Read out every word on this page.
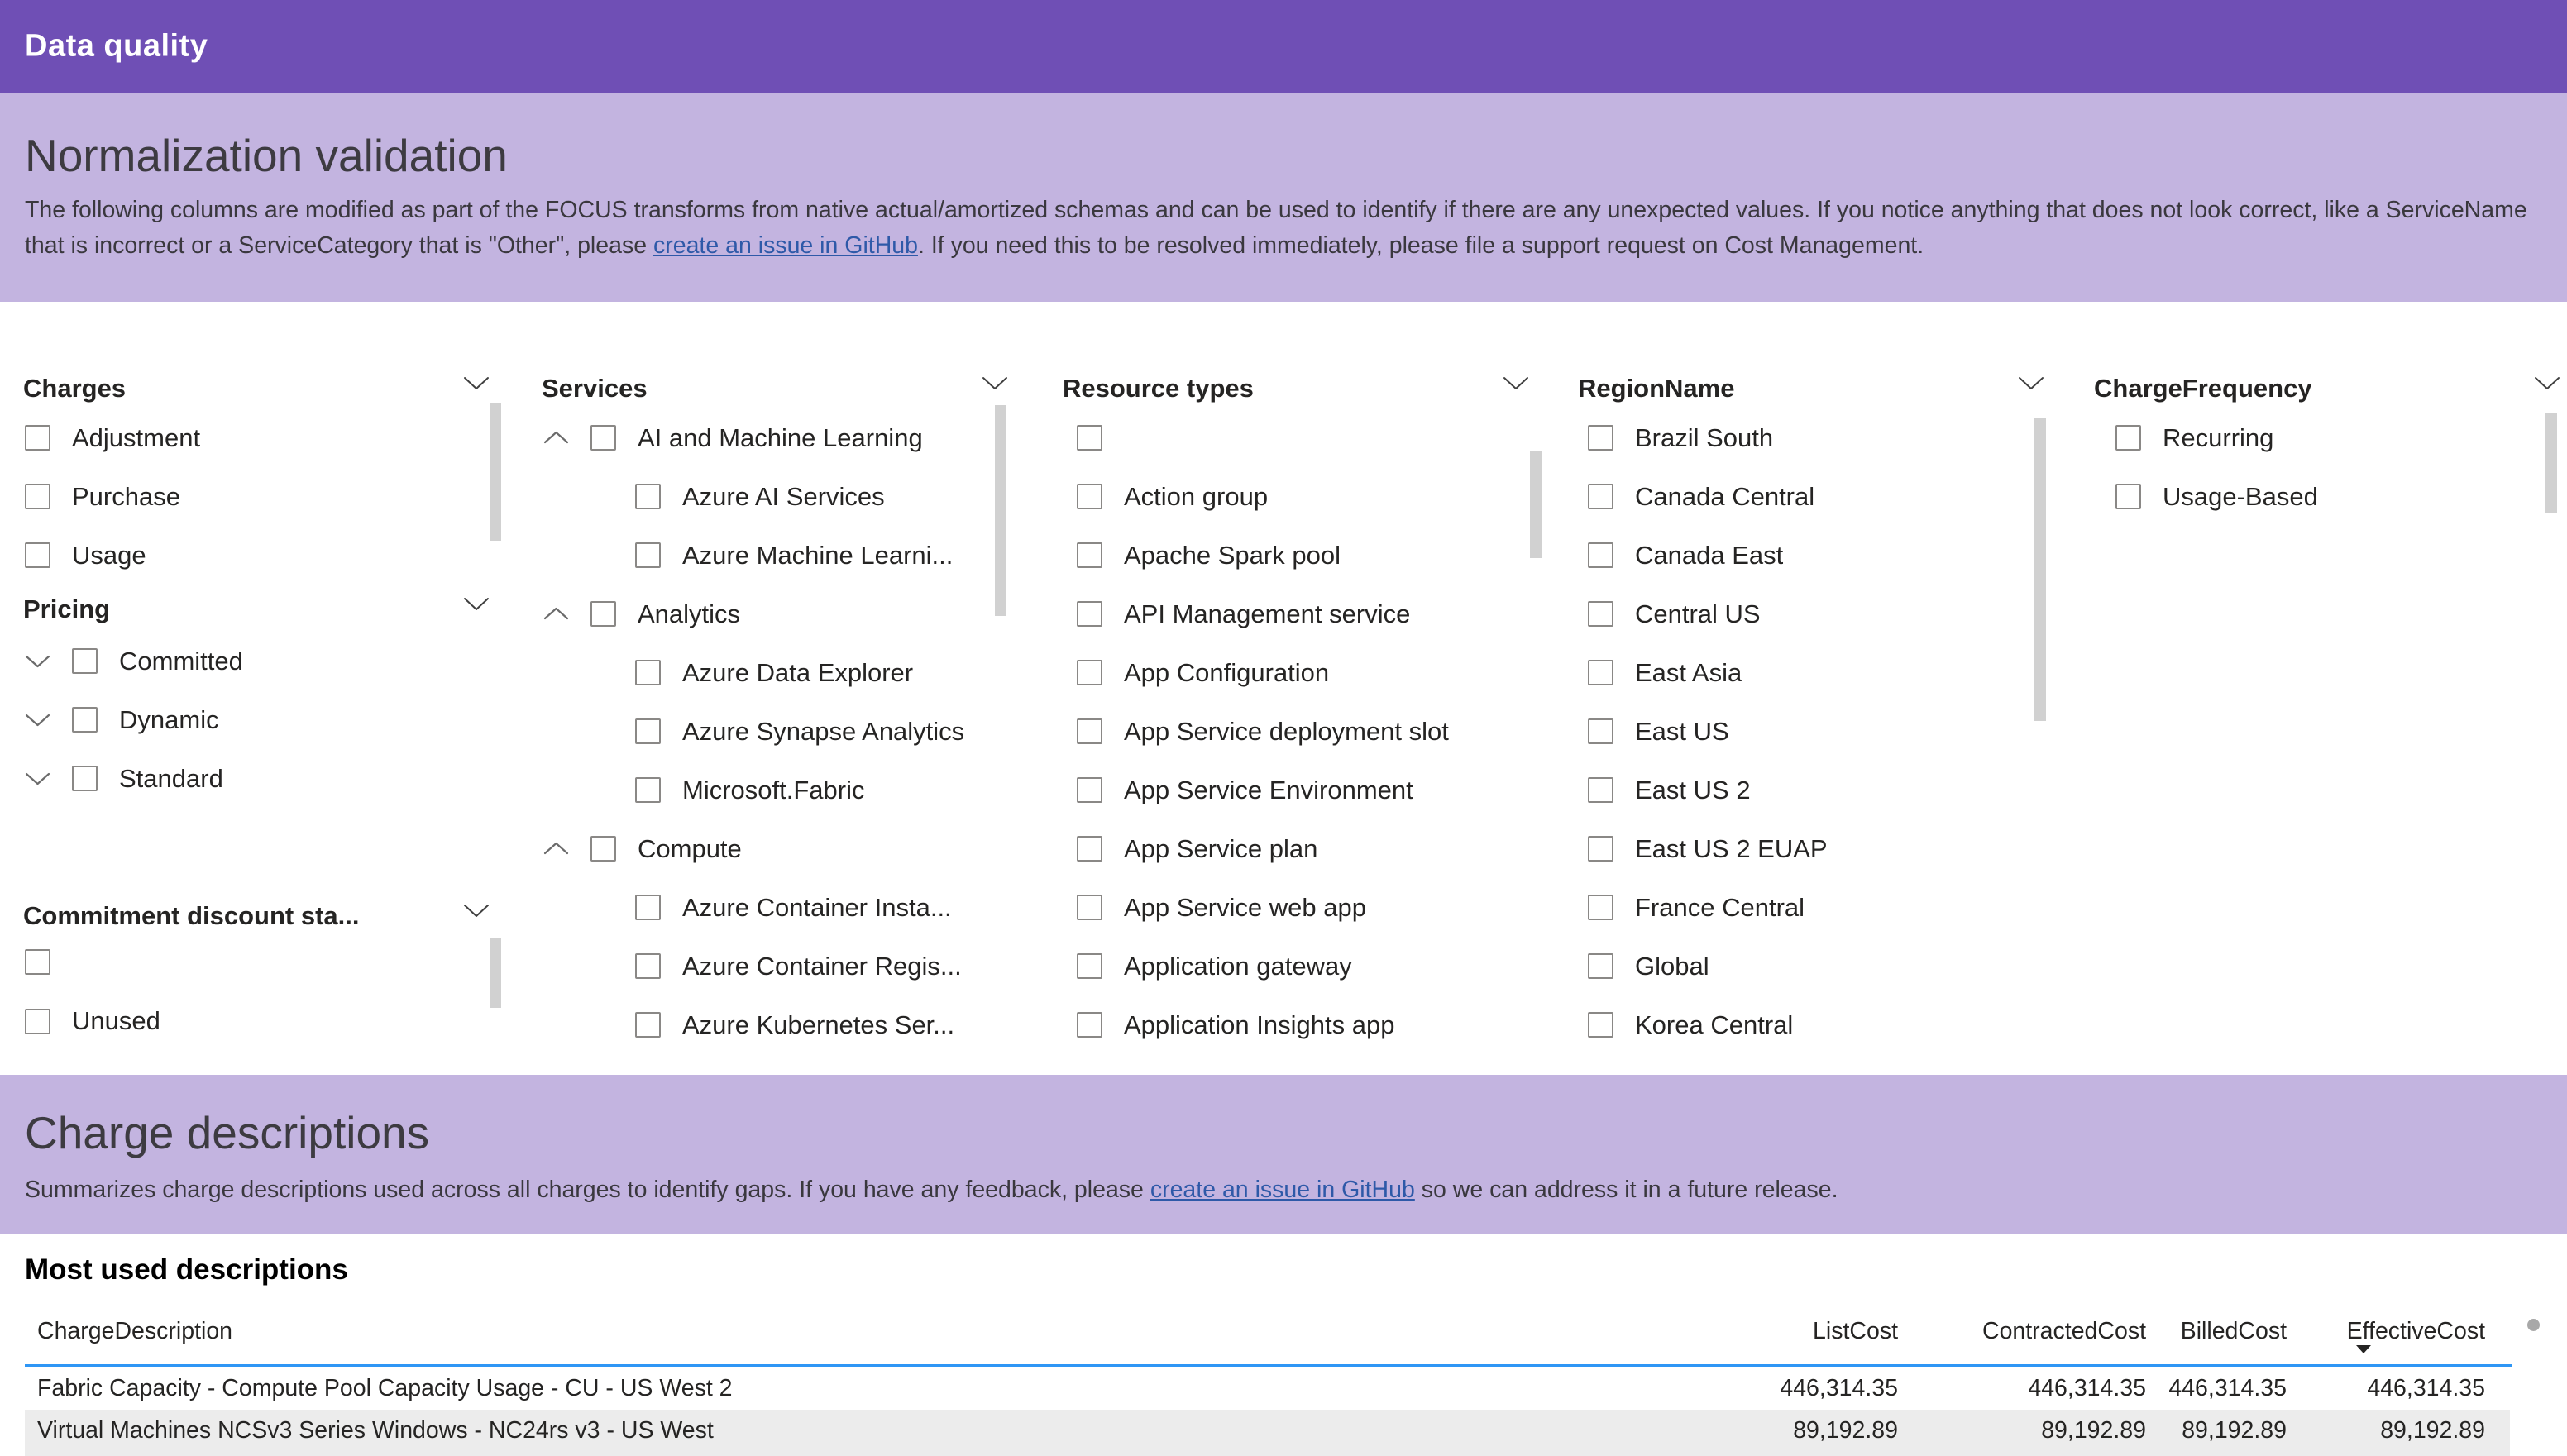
Data quality
Normalization validation
The following columns are modified as part of the FOCUS transforms from native actual/amortized schemas and can be used to identify if there are any unexpected values. If you notice anything that does not look correct, like a ServiceName that is incorrect or a ServiceCategory that is "Other", please create an issue in GitHub. If you need this to be resolved immediately, please file a support request on Cost Management.
Charges
Adjustment
Purchase
Usage
Pricing
Committed
Dynamic
Standard
Commitment discount sta...
Unused
Services
AI and Machine Learning
Azure AI Services
Azure Machine Learni...
Analytics
Azure Data Explorer
Azure Synapse Analytics
Microsoft.Fabric
Compute
Azure Container Insta...
Azure Container Regis...
Azure Kubernetes Ser...
Resource types
Action group
Apache Spark pool
API Management service
App Configuration
App Service deployment slot
App Service Environment
App Service plan
App Service web app
Application gateway
Application Insights app
RegionName
Brazil South
Canada Central
Canada East
Central US
East Asia
East US
East US 2
East US 2 EUAP
France Central
Global
Korea Central
ChargeFrequency
Recurring
Usage-Based
Charge descriptions
Summarizes charge descriptions used across all charges to identify gaps. If you have any feedback, please create an issue in GitHub so we can address it in a future release.
Most used descriptions
ChargeDescription	ListCost	ContractedCost	BilledCost	EffectiveCost
Fabric Capacity - Compute Pool Capacity Usage - CU - US West 2	446,314.35	446,314.35 446,314.35	446,314.35
Virtual Machines NCSv3 Series Windows - NC24rs v3 - US West	89,192.89	89,192.89	89,192.89	89,192.89
